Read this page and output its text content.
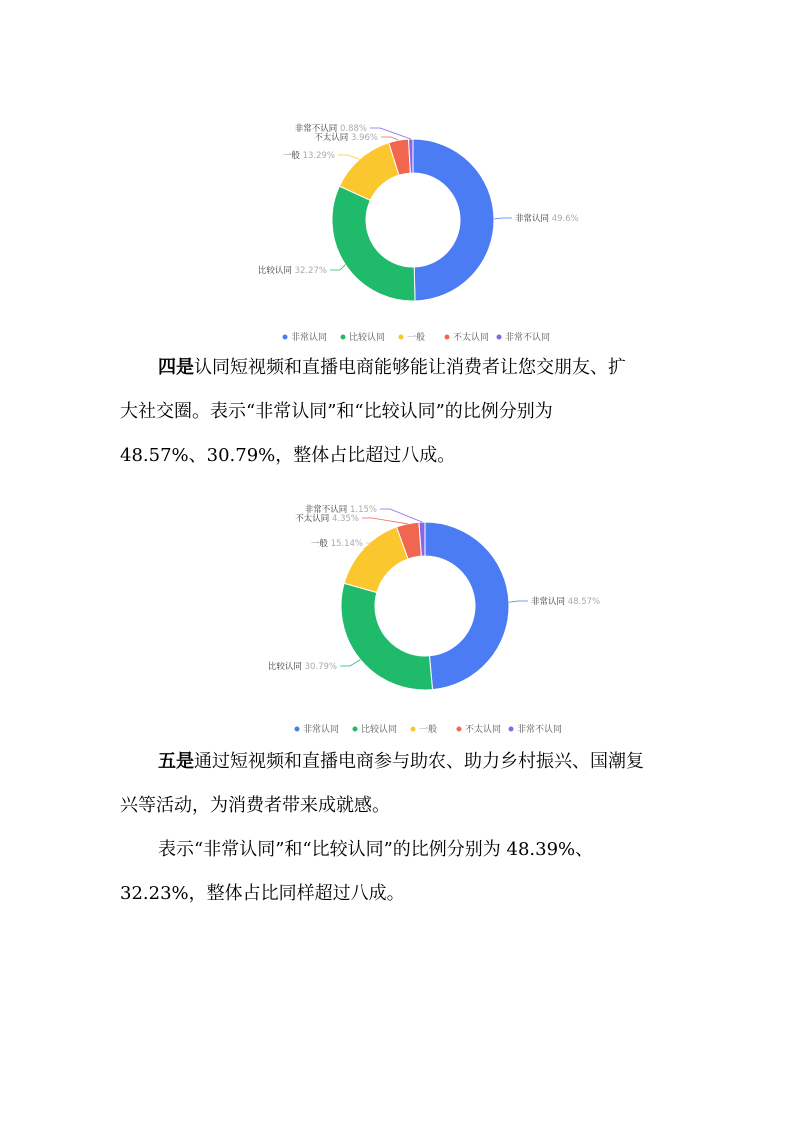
非常认同 49.6%
比较认同 32.27%
一般 13.29%
不太认同 3.96%
非常不认同 0.88%
非常认同 比较认同 一般	不太认同 非常不认同

四是认同短视频和直播电商能够能让消费者让您交朋友、扩

大社交圈。表示“非常认同”和“比较认同”的比例分别为

48.57%、30.79%，整体占比超过八成。

非常认同 48.57%
比较认同 30.79%
一般 15.14%
不太认同 4.35%
非常不认同 1.15%
非常认同 比较认同 一般	不太认同 非常不认同

五是通过短视频和直播电商参与助农、助力乡村振兴、国潮复

兴等活动，为消费者带来成就感。

表示“非常认同”和“比较认同”的比例分别为 48.39%、

32.23%，整体占比同样超过八成。
